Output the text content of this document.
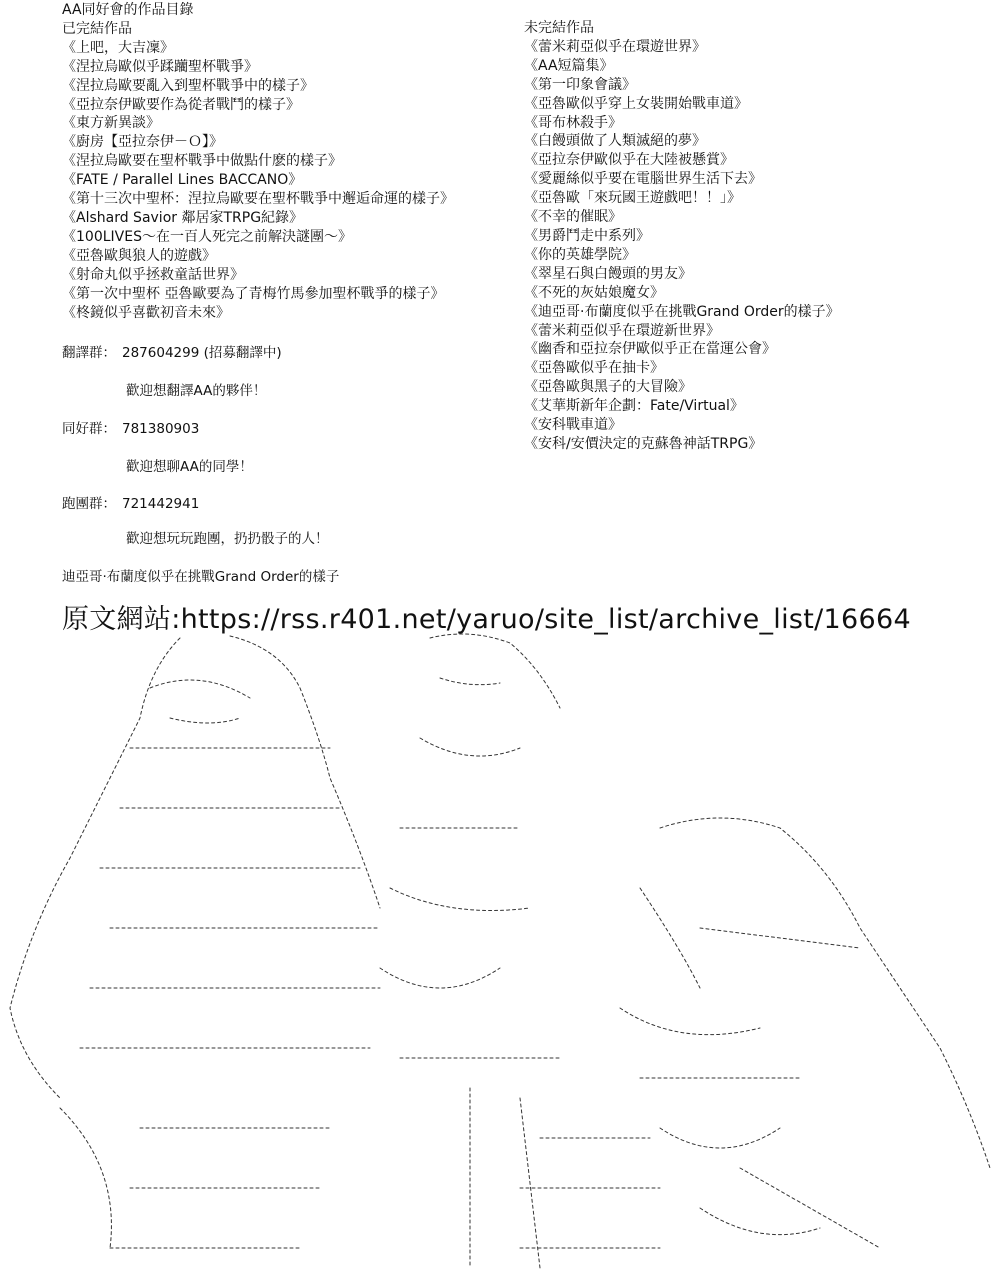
AA同好會的作品目錄
已完結作品
《上吧，大吉凜》
《涅拉烏歐似乎蹂躪聖杯戰爭》
《涅拉烏歐要亂入到聖杯戰爭中的樣子》
《亞拉奈伊歐要作為從者戰鬥的樣子》
《東方新異談》
《廚房【亞拉奈伊－Ｏ】》
《涅拉烏歐要在聖杯戰爭中做點什麽的樣子》
《FATE / Parallel Lines BACCANO》
《第十三次中聖杯：涅拉烏歐要在聖杯戰爭中邂逅命運的樣子》
《Alshard Savior 鄰居家TRPG紀錄》
《100LIVES～在一百人死完之前解決謎團～》
《亞魯歐與狼人的遊戲》
《射命丸似乎拯救童話世界》
《第一次中聖杯 亞魯歐要為了青梅竹馬參加聖杯戰爭的樣子》
《柊鏡似乎喜歡初音未來》
未完結作品
《蕾米莉亞似乎在環遊世界》
《AA短篇集》
《第一印象會議》
《亞魯歐似乎穿上女裝開始戰車道》
《哥布林殺手》
《白饅頭做了人類滅絕的夢》
《亞拉奈伊歐似乎在大陸被懸賞》
《愛麗絲似乎要在電腦世界生活下去》
《亞魯歐「來玩國王遊戲吧！！」》
《不幸的催眠》
《男爵鬥走中系列》
《你的英雄學院》
《翠星石與白饅頭的男友》
《不死的灰姑娘魔女》
《迪亞哥·布蘭度似乎在挑戰Grand Order的樣子》
《蕾米莉亞似乎在環遊新世界》
《幽香和亞拉奈伊歐似乎正在當運公會》
《亞魯歐似乎在抽卡》
《亞魯歐與黑子的大冒險》
《艾華斯新年企劃：Fate/Virtual》
《安科戰車道》
《安科/安價決定的克蘇魯神話TRPG》
翻譯群： 287604299 (招募翻譯中)
歡迎想翻譯AA的夥伴！
同好群： 781380903
歡迎想聊AA的同學！
跑團群： 721442941
歡迎想玩玩跑團，扔扔骰子的人！
迪亞哥·布蘭度似乎在挑戰Grand Order的樣子
原文網站:https://rss.r401.net/yaruo/site_list/archive_list/16664
